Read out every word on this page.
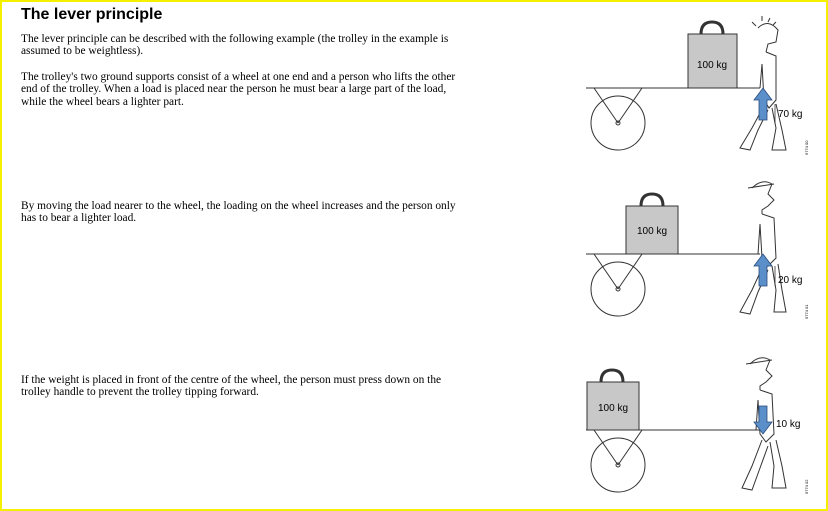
The lever principle

The lever principle can be described with the following example (the trolley in the example is assumed to be weightless).

The trolley's two ground supports consist of a wheel at one end and a person who lifts the other end of the trolley. When a load is placed near the person he must bear a large part of the load, while the wheel bears a lighter part.

By moving the load nearer to the wheel, the loading on the wheel increases and the person only has to bear a lighter load.

If the weight is placed in front of the centre of the wheel, the person must press down on the trolley handle to prevent the trolley tipping forward.

100 kg
70 kg
9774 00
100 kg
20 kg
9774 01
100 kg
10 kg
9774 02
